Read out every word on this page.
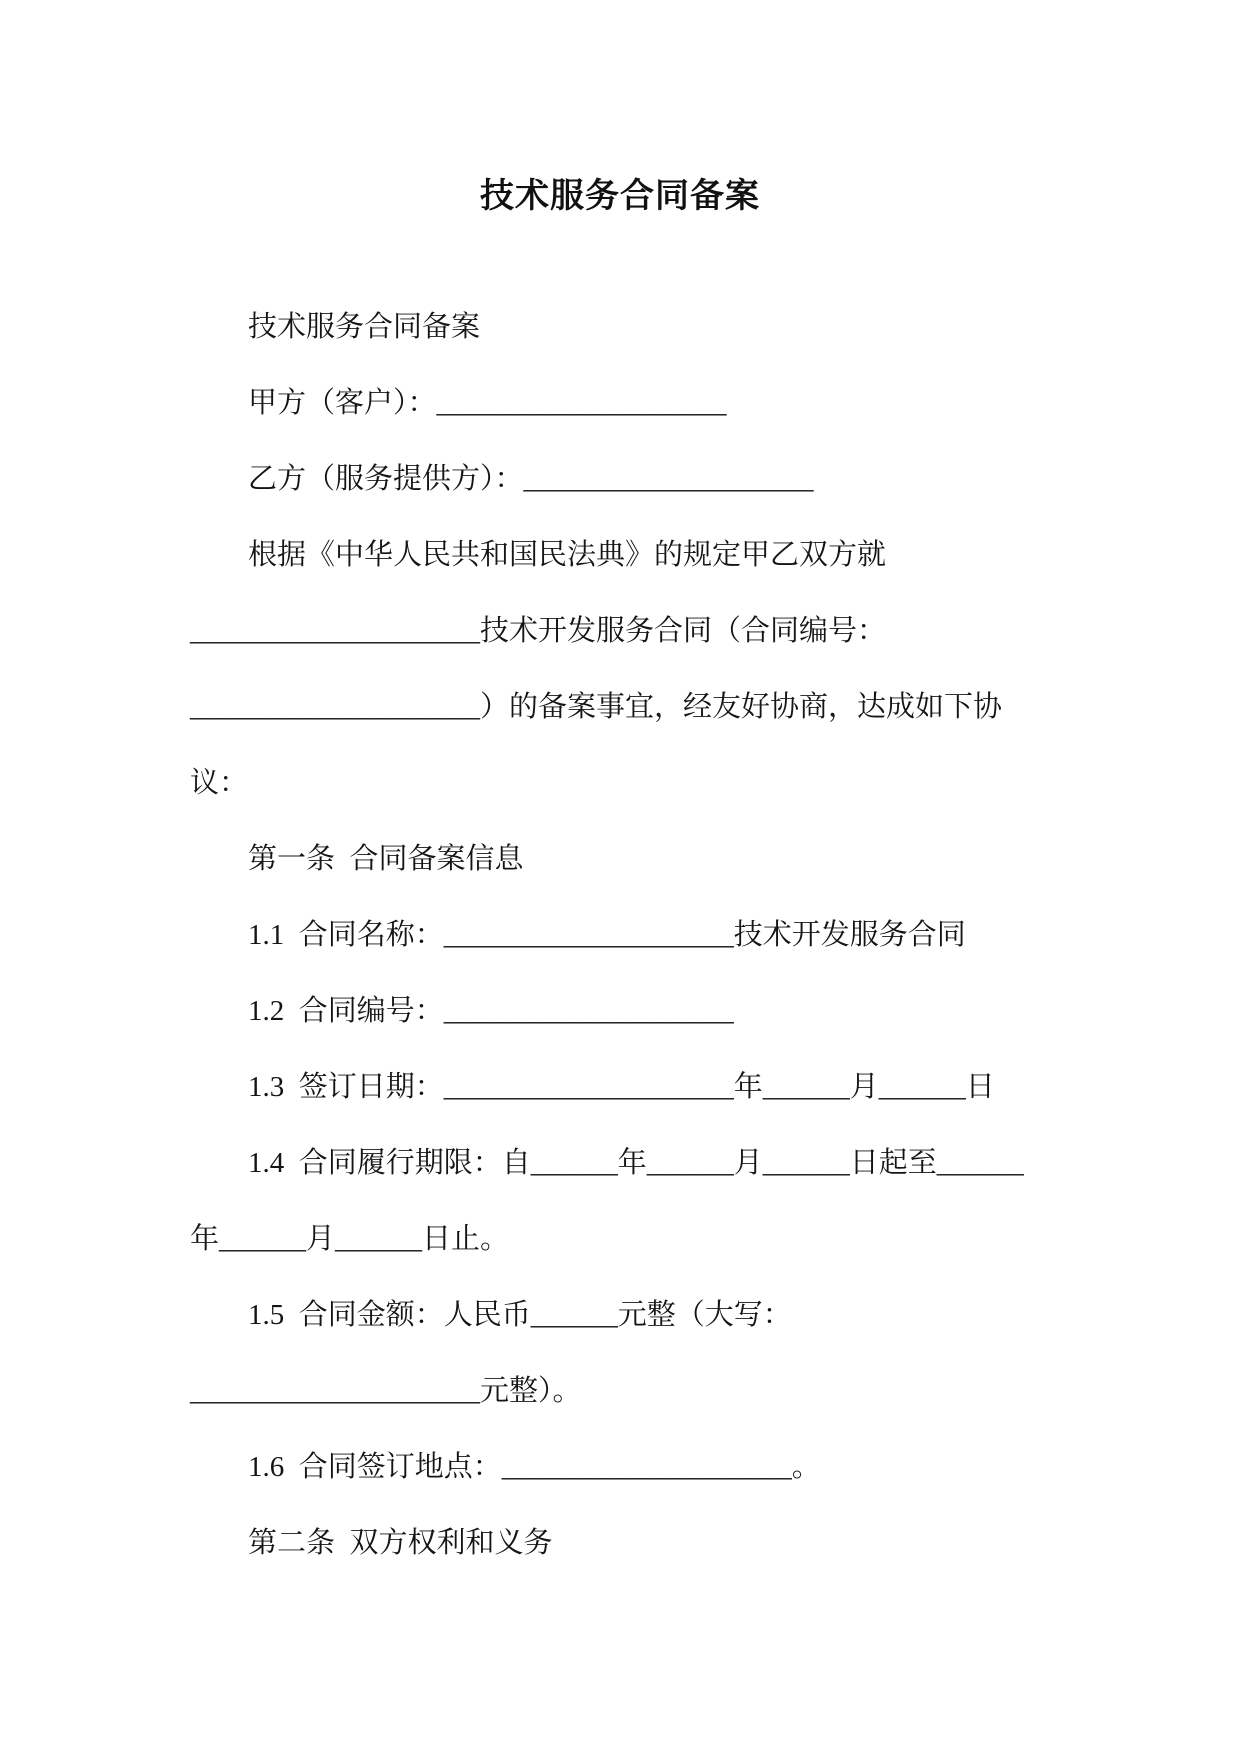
技术服务合同备案
技术服务合同备案
甲方（客户）：____________________
乙方（服务提供方）：____________________
根据《中华人民共和国民法典》的规定甲乙双方就
____________________技术开发服务合同（合同编号：
____________________）的备案事宜，经友好协商，达成如下协
议：
第一条  合同备案信息
1.1  合同名称：____________________技术开发服务合同
1.2  合同编号：____________________
1.3  签订日期：____________________年______月______日
1.4  合同履行期限：自______年______月______日起至______
年______月______日止。
1.5  合同金额：人民币______元整（大写：
____________________元整）。
1.6  合同签订地点：____________________。
第二条  双方权利和义务
